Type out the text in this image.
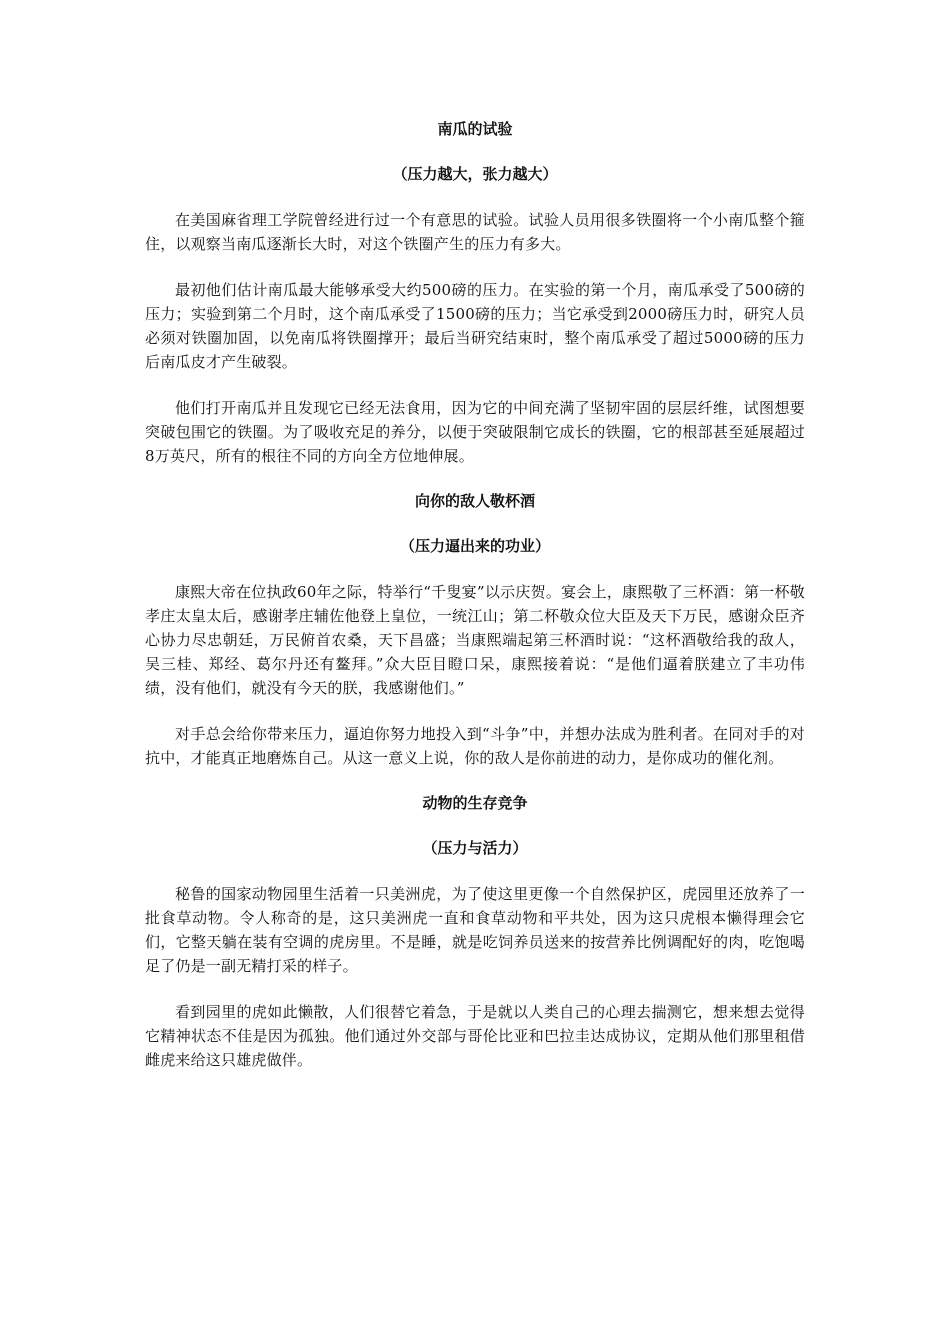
南瓜的试验
（压力越大，张力越大）

在美国麻省理工学院曾经进行过一个有意思的试验。试验人员用很多铁圈将一个小南瓜整个箍住，以观察当南瓜逐渐长大时，对这个铁圈产生的压力有多大。

最初他们估计南瓜最大能够承受大约500磅的压力。在实验的第一个月，南瓜承受了500磅的压力；实验到第二个月时，这个南瓜承受了1500磅的压力；当它承受到2000磅压力时，研究人员必须对铁圈加固，以免南瓜将铁圈撑开；最后当研究结束时，整个南瓜承受了超过5000磅的压力后南瓜皮才产生破裂。

他们打开南瓜并且发现它已经无法食用，因为它的中间充满了坚韧牢固的层层纤维，试图想要突破包围它的铁圈。为了吸收充足的养分，以便于突破限制它成长的铁圈，它的根部甚至延展超过8万英尺，所有的根往不同的方向全方位地伸展。

向你的敌人敬杯酒
（压力逼出来的功业）

康熙大帝在位执政60年之际，特举行“千叟宴”以示庆贺。宴会上，康熙敬了三杯酒：第一杯敬孝庄太皇太后，感谢孝庄辅佐他登上皇位，一统江山；第二杯敬众位大臣及天下万民，感谢众臣齐心协力尽忠朝廷，万民俯首农桑，天下昌盛；当康熙端起第三杯酒时说：“这杯酒敬给我的敌人，吴三桂、郑经、葛尔丹还有鳌拜。”众大臣目瞪口呆，康熙接着说：“是他们逼着朕建立了丰功伟绩，没有他们，就没有今天的朕，我感谢他们。”

对手总会给你带来压力，逼迫你努力地投入到“斗争”中，并想办法成为胜利者。在同对手的对抗中，才能真正地磨炼自己。从这一意义上说，你的敌人是你前进的动力，是你成功的催化剂。

动物的生存竞争
（压力与活力）

秘鲁的国家动物园里生活着一只美洲虎，为了使这里更像一个自然保护区，虎园里还放养了一批食草动物。令人称奇的是，这只美洲虎一直和食草动物和平共处，因为这只虎根本懒得理会它们，它整天躺在装有空调的虎房里。不是睡，就是吃饲养员送来的按营养比例调配好的肉，吃饱喝足了仍是一副无精打采的样子。

看到园里的虎如此懒散，人们很替它着急，于是就以人类自己的心理去揣测它，想来想去觉得它精神状态不佳是因为孤独。他们通过外交部与哥伦比亚和巴拉圭达成协议，定期从他们那里租借雌虎来给这只雄虎做伴。
